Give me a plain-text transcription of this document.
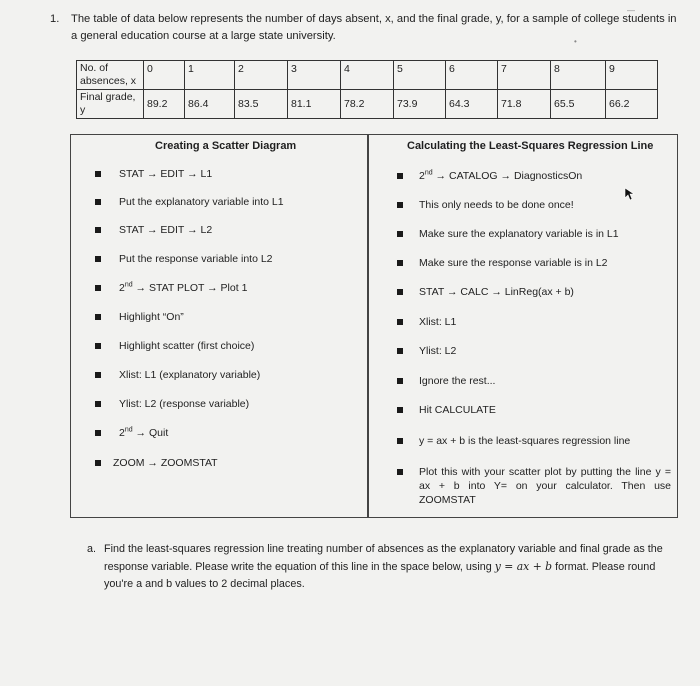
—
1. The table of data below represents the number of days absent, x, and the final grade, y, for a sample of college students in a general education course at a large state university.	•
No. of absences, x	0	1	2	3	4	5	6	7	8	9
Final grade, y	89.2	86.4	83.5	81.1	78.2	73.9	64.3	71.8	65.5	66.2
Creating a Scatter Diagram
STAT → EDIT → L1
Put the explanatory variable into L1
STAT → EDIT → L2
Put the response variable into L2
2nd → STAT PLOT → Plot 1
Highlight “On”
Highlight scatter (first choice)
Xlist: L1 (explanatory variable)
Ylist: L2 (response variable)
2nd → Quit
ZOOM → ZOOMSTAT
Calculating the Least-Squares Regression Line
2nd → CATALOG → DiagnosticsOn
This only needs to be done once!
Make sure the explanatory variable is in L1
Make sure the response variable is in L2
STAT → CALC → LinReg(ax + b)
Xlist: L1
Ylist: L2
Ignore the rest...
Hit CALCULATE
y = ax + b is the least-squares regression line
Plot this with your scatter plot by putting the line y = ax + b into Y= on your calculator. Then use ZOOMSTAT
a. Find the least-squares regression line treating number of absences as the explanatory variable and final grade as the response variable. Please write the equation of this line in the space below, using y = ax + b format. Please round you're a and b values to 2 decimal places.
